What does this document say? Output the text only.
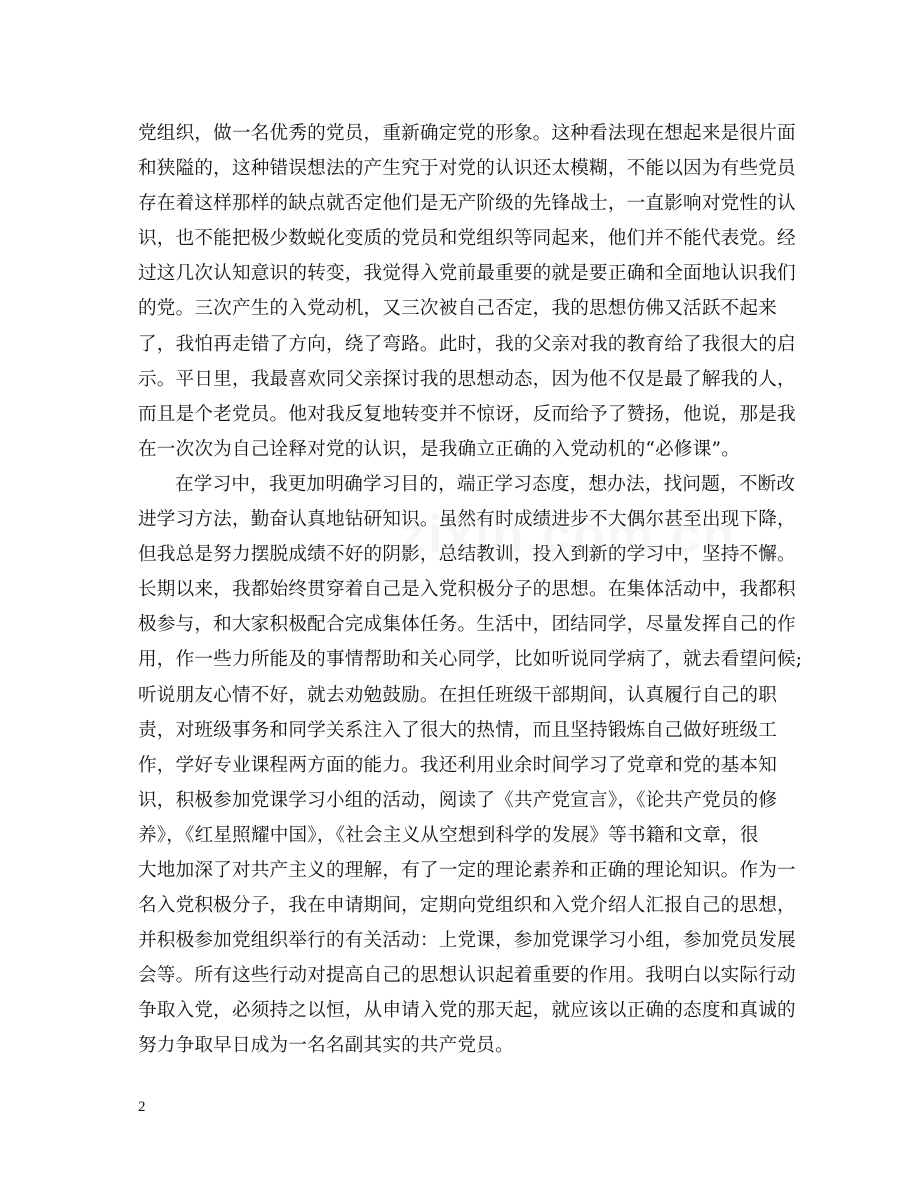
党组织，做一名优秀的党员，重新确定党的形象。这种看法现在想起来是很片面
和狭隘的，这种错误想法的产生究于对党的认识还太模糊，不能以因为有些党员
存在着这样那样的缺点就否定他们是无产阶级的先锋战士，一直影响对党性的认
识，也不能把极少数蜕化变质的党员和党组织等同起来，他们并不能代表党。经
过这几次认知意识的转变，我觉得入党前最重要的就是要正确和全面地认识我们
的党。三次产生的入党动机，又三次被自己否定，我的思想仿佛又活跃不起来
了，我怕再走错了方向，绕了弯路。此时，我的父亲对我的教育给了我很大的启
示。平日里，我最喜欢同父亲探讨我的思想动态，因为他不仅是最了解我的人，
而且是个老党员。他对我反复地转变并不惊讶，反而给予了赞扬，他说，那是我
在一次次为自己诠释对党的认识，是我确立正确的入党动机的“必修课”。
在学习中，我更加明确学习目的，端正学习态度，想办法，找问题，不断改
进学习方法，勤奋认真地钻研知识。虽然有时成绩进步不大偶尔甚至出现下降，
但我总是努力摆脱成绩不好的阴影，总结教训，投入到新的学习中，坚持不懈。
长期以来，我都始终贯穿着自己是入党积极分子的思想。在集体活动中，我都积
极参与，和大家积极配合完成集体任务。生活中，团结同学，尽量发挥自己的作
用，作一些力所能及的事情帮助和关心同学，比如听说同学病了，就去看望问候;
听说朋友心情不好，就去劝勉鼓励。在担任班级干部期间，认真履行自己的职
责，对班级事务和同学关系注入了很大的热情，而且坚持锻炼自己做好班级工
作，学好专业课程两方面的能力。我还利用业余时间学习了党章和党的基本知
识，积极参加党课学习小组的活动，阅读了《共产党宣言》，《论共产党员的修
养》，《红星照耀中国》，《社会主义从空想到科学的发展》等书籍和文章，很
大地加深了对共产主义的理解，有了一定的理论素养和正确的理论知识。作为一
名入党积极分子，我在申请期间，定期向党组织和入党介绍人汇报自己的思想，
并积极参加党组织举行的有关活动：上党课，参加党课学习小组，参加党员发展
会等。所有这些行动对提高自己的思想认识起着重要的作用。我明白以实际行动
争取入党，必须持之以恒，从申请入党的那天起，就应该以正确的态度和真诚的
努力争取早日成为一名名副其实的共产党员。
2
